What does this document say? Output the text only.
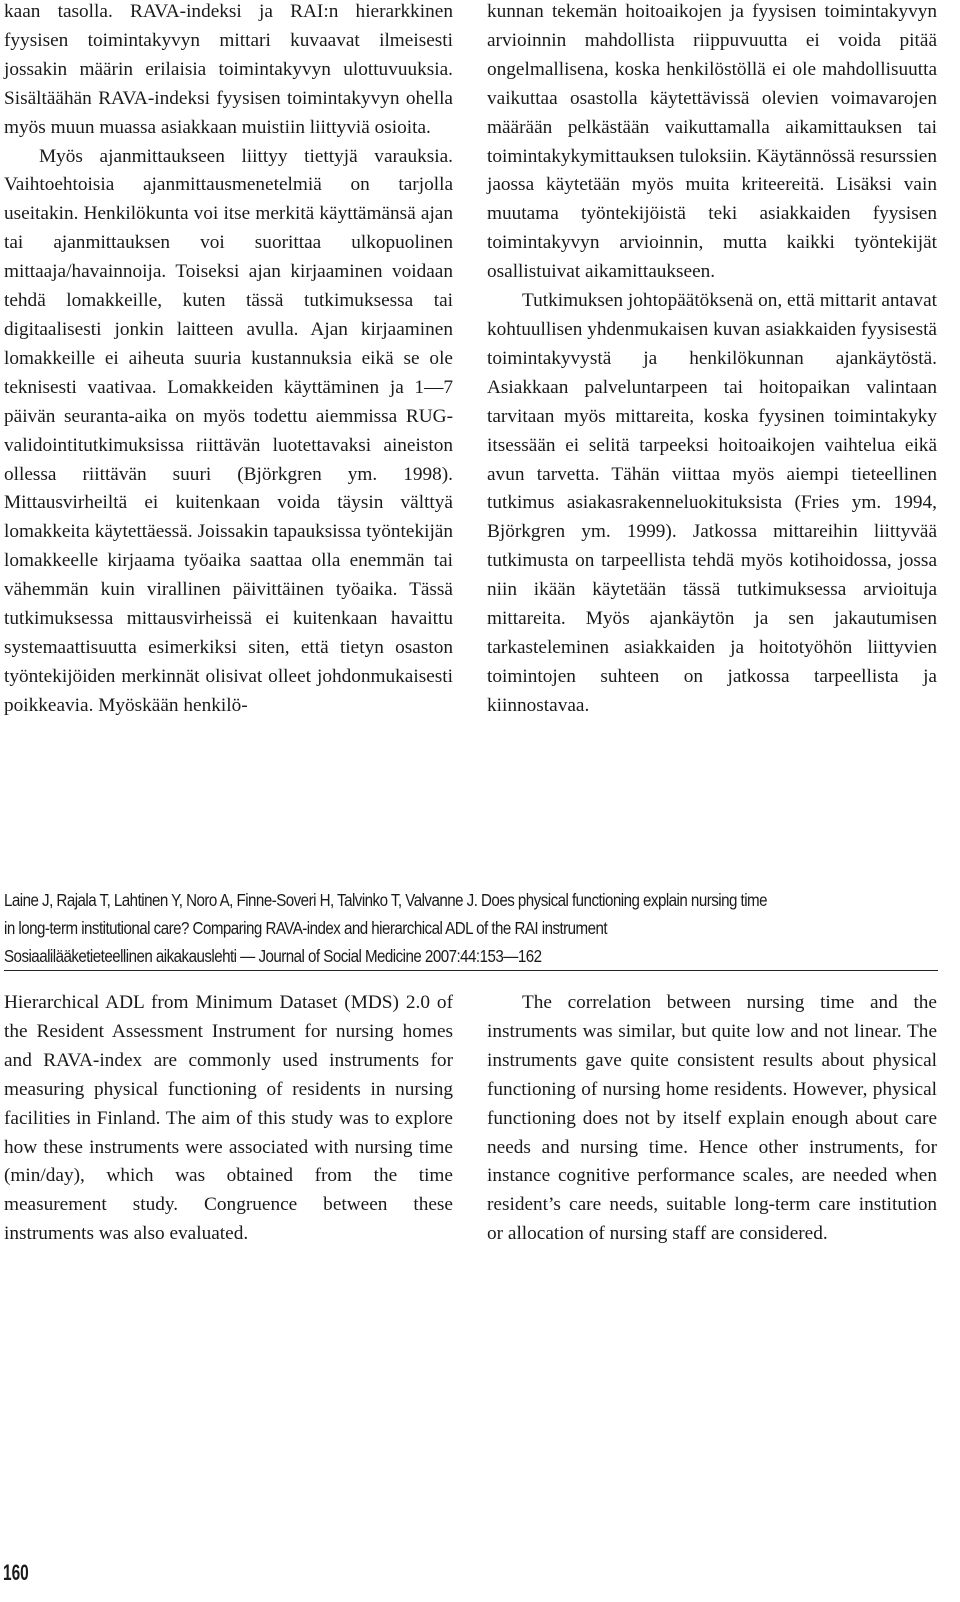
kaan tasolla. RAVA-indeksi ja RAI:n hierarkkinen fyysisen toimintakyvyn mittari kuvaavat ilmeisesti jossakin määrin erilaisia toimintakyvyn ulottuvuuksia. Sisältäähän RAVA-indeksi fyysisen toimintakyvyn ohella myös muun muassa asiakkaan muistiin liittyviä osioita.

Myös ajanmittaukseen liittyy tiettyjä varauksia. Vaihtoehtoisia ajanmittausmenetelmiä on tarjolla useitakin. Henkilökunta voi itse merkitä käyttämänsä ajan tai ajanmittauksen voi suorittaa ulkopuolinen mittaaja/havainnoija. Toiseksi ajan kirjaaminen voidaan tehdä lomakkeille, kuten tässä tutkimuksessa tai digitaalisesti jonkin laitteen avulla. Ajan kirjaaminen lomakkeille ei aiheuta suuria kustannuksia eikä se ole teknisesti vaativaa. Lomakkeiden käyttäminen ja 1—7 päivän seuranta-aika on myös todettu aiemmissa RUG-validointitutkimuksissa riittävän luotettavaksi aineiston ollessa riittävän suuri (Björkgren ym. 1998). Mittausvirheiltä ei kuitenkaan voida täysin välttyä lomakkeita käytettäessä. Joissakin tapauksissa työntekijän lomakkeelle kirjaama työaika saattaa olla enemmän tai vähemmän kuin virallinen päivittäinen työaika. Tässä tutkimuksessa mittausvirheissä ei kuitenkaan havaittu systemaattisuutta esimerkiksi siten, että tietyn osaston työntekijöiden merkinnät olisivat olleet johdonmukaisesti poikkeavia. Myöskään henkilö-

kunnan tekemän hoitoaikojen ja fyysisen toimintakyvyn arvioinnin mahdollista riippuvuutta ei voida pitää ongelmallisena, koska henkilöstöllä ei ole mahdollisuutta vaikuttaa osastolla käytettävissä olevien voimavarojen määrään pelkästään vaikuttamalla aikamittauksen tai toimintakykymittauksen tuloksiin. Käytännössä resurssien jaossa käytetään myös muita kriteereitä. Lisäksi vain muutama työntekijöistä teki asiakkaiden fyysisen toimintakyvyn arvioinnin, mutta kaikki työntekijät osallistuivat aikamittaukseen.

Tutkimuksen johtopäätöksenä on, että mittarit antavat kohtuullisen yhdenmukaisen kuvan asiakkaiden fyysisestä toimintakyvystä ja henkilökunnan ajankäytöstä. Asiakkaan palveluntarpeen tai hoitopaikan valintaan tarvitaan myös mittareita, koska fyysinen toimintakyky itsessään ei selitä tarpeeksi hoitoaikojen vaihtelua eikä avun tarvetta. Tähän viittaa myös aiempi tieteellinen tutkimus asiakasrakenneluokituksista (Fries ym. 1994, Björkgren ym. 1999). Jatkossa mittareihin liittyvää tutkimusta on tarpeellista tehdä myös kotihoidossa, jossa niin ikään käytetään tässä tutkimuksessa arvioituja mittareita. Myös ajankäytön ja sen jakautumisen tarkasteleminen asiakkaiden ja hoitotyöhön liittyvien toimintojen suhteen on jatkossa tarpeellista ja kiinnostavaa.

Laine J, Rajala T, Lahtinen Y, Noro A, Finne-Soveri H, Talvinko T, Valvanne J. Does physical functioning explain nursing time
in long-term institutional care? Comparing RAVA-index and hierarchical ADL of the RAI instrument
Sosiaalilääketieteellinen aikakauslehti — Journal of Social Medicine 2007:44:153—162

Hierarchical ADL from Minimum Dataset (MDS) 2.0 of the Resident Assessment Instrument for nursing homes and RAVA-index are commonly used instruments for measuring physical functioning of residents in nursing facilities in Finland. The aim of this study was to explore how these instruments were associated with nursing time (min/day), which was obtained from the time measurement study. Congruence between these instruments was also evaluated.

The correlation between nursing time and the instruments was similar, but quite low and not linear. The instruments gave quite consistent results about physical functioning of nursing home residents. However, physical functioning does not by itself explain enough about care needs and nursing time. Hence other instruments, for instance cognitive performance scales, are needed when resident’s care needs, suitable long-term care institution or allocation of nursing staff are considered.

160
